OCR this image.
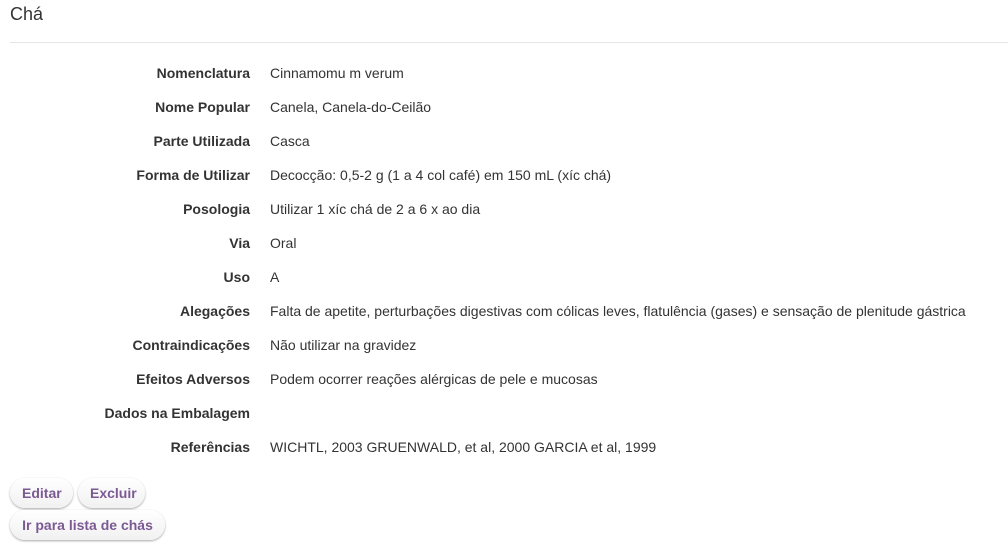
Chá
Nomenclatura Cinnamomu m verum
Nome Popular Canela, Canela-do-Ceilão
Parte Utilizada Casca
Forma de Utilizar Decocção: 0,5-2 g (1 a 4 col café) em 150 mL (xíc chá)
Posologia Utilizar 1 xíc chá de 2 a 6 x ao dia
Via Oral
Uso A
Alegações Falta de apetite, perturbações digestivas com cólicas leves, flatulência (gases) e sensação de plenitude gástrica
Contraindicações Não utilizar na gravidez
Efeitos Adversos Podem ocorrer reações alérgicas de pele e mucosas
Dados na Embalagem
Referências WICHTL, 2003 GRUENWALD, et al, 2000 GARCIA et al, 1999
Editar	Excluir
Ir para lista de chás
